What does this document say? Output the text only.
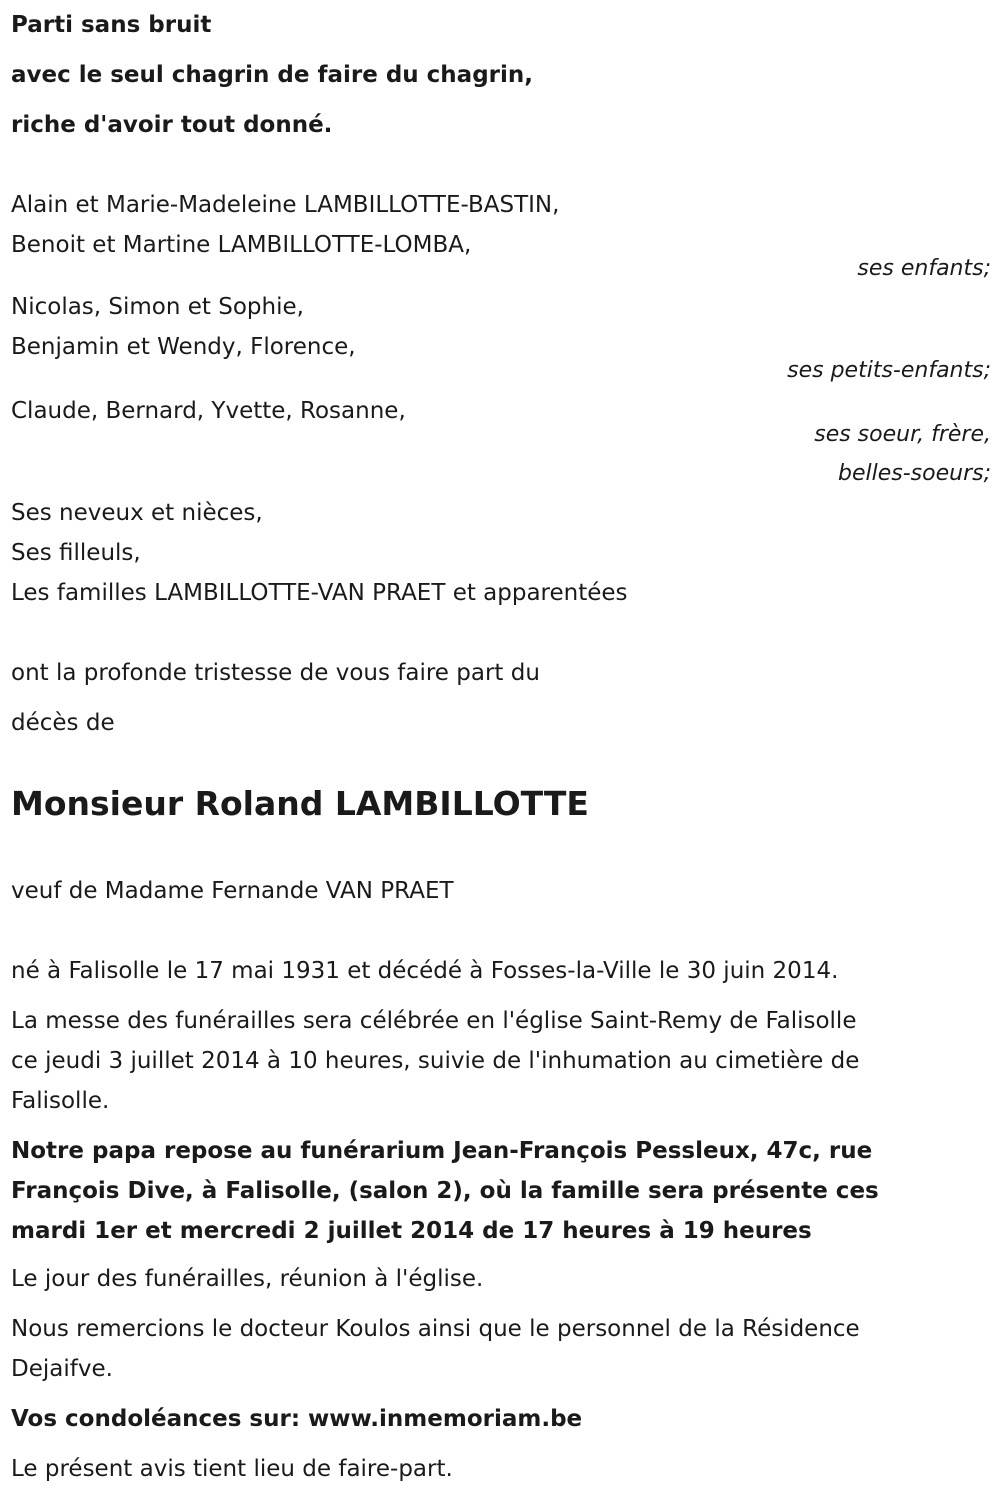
Parti sans bruit
avec le seul chagrin de faire du chagrin,
riche d'avoir tout donné.
Alain et Marie-Madeleine LAMBILLOTTE-BASTIN,
Benoit et Martine LAMBILLOTTE-LOMBA,
ses enfants;
Nicolas, Simon et Sophie,
Benjamin et Wendy, Florence,
ses petits-enfants;
Claude, Bernard, Yvette, Rosanne,
ses soeur, frère,
belles-soeurs;
Ses neveux et nièces,
Ses filleuls,
Les familles LAMBILLOTTE-VAN PRAET et apparentées
ont la profonde tristesse de vous faire part du
décès de
Monsieur Roland LAMBILLOTTE
veuf de Madame Fernande VAN PRAET
né à Falisolle le 17 mai 1931 et décédé à Fosses-la-Ville le 30 juin 2014.
La messe des funérailles sera célébrée en l'église Saint-Remy de Falisolle
ce jeudi 3 juillet 2014 à 10 heures, suivie de l'inhumation au cimetière de
Falisolle.
Notre papa repose au funérarium Jean-François Pessleux, 47c, rue
François Dive, à Falisolle, (salon 2), où la famille sera présente ces
mardi 1er et mercredi 2 juillet 2014 de 17 heures à 19 heures
Le jour des funérailles, réunion à l'église.
Nous remercions le docteur Koulos ainsi que le personnel de la Résidence
Dejaifve.
Vos condoléances sur: www.inmemoriam.be
Le présent avis tient lieu de faire-part.
